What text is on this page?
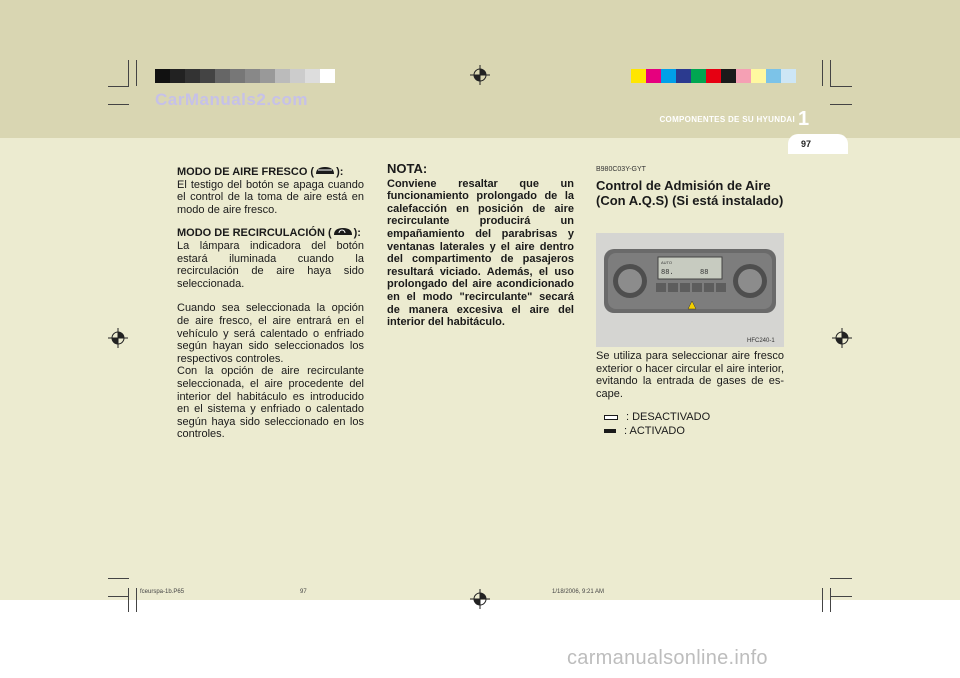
CarManuals2.com
COMPONENTES DE SU HYUNDAI 1
97

MODO DE AIRE FRESCO ( ):
El testigo del botón se apaga cuando el control de la toma de aire está en modo de aire fresco.

MODO DE RECIRCULACIÓN ( ):
La lámpara indicadora del botón estará iluminada cuando la recirculación de aire haya sido seleccionada.

Cuando sea seleccionada la opción de aire fresco, el aire entrará en el vehículo y será calentado o enfriado según hayan sido seleccionados los respectivos controles.

Con la opción de aire recirculante seleccionada, el aire procedente del interior del habitáculo es introducido en el sistema y enfriado o calentado según haya sido seleccionado en los controles.

NOTA:
Conviene resaltar que un funcionamiento prolongado de la calefacción en posición de aire recirculante producirá un empañamiento del parabrisas y ventanas laterales y el aire dentro del compartimento de pasajeros resultará viciado. Además, el uso prolongado del aire acondicionado en el modo "recirculante" secará de manera excesiva el aire del interior del habitáculo.
B980C03Y-GYT
Control de Admisión de Aire (Con A.Q.S) (Si está instalado)
AUTO
88.	88
HFC240-1

Se utiliza para seleccionar aire fresco exterior o hacer circular el aire interior, evitando la entrada de gases de es- cape.

: DESACTIVADO
: ACTIVADO
fceurspa-1b.P65	97	1/18/2006, 9:21 AM
carmanualsonline.info
